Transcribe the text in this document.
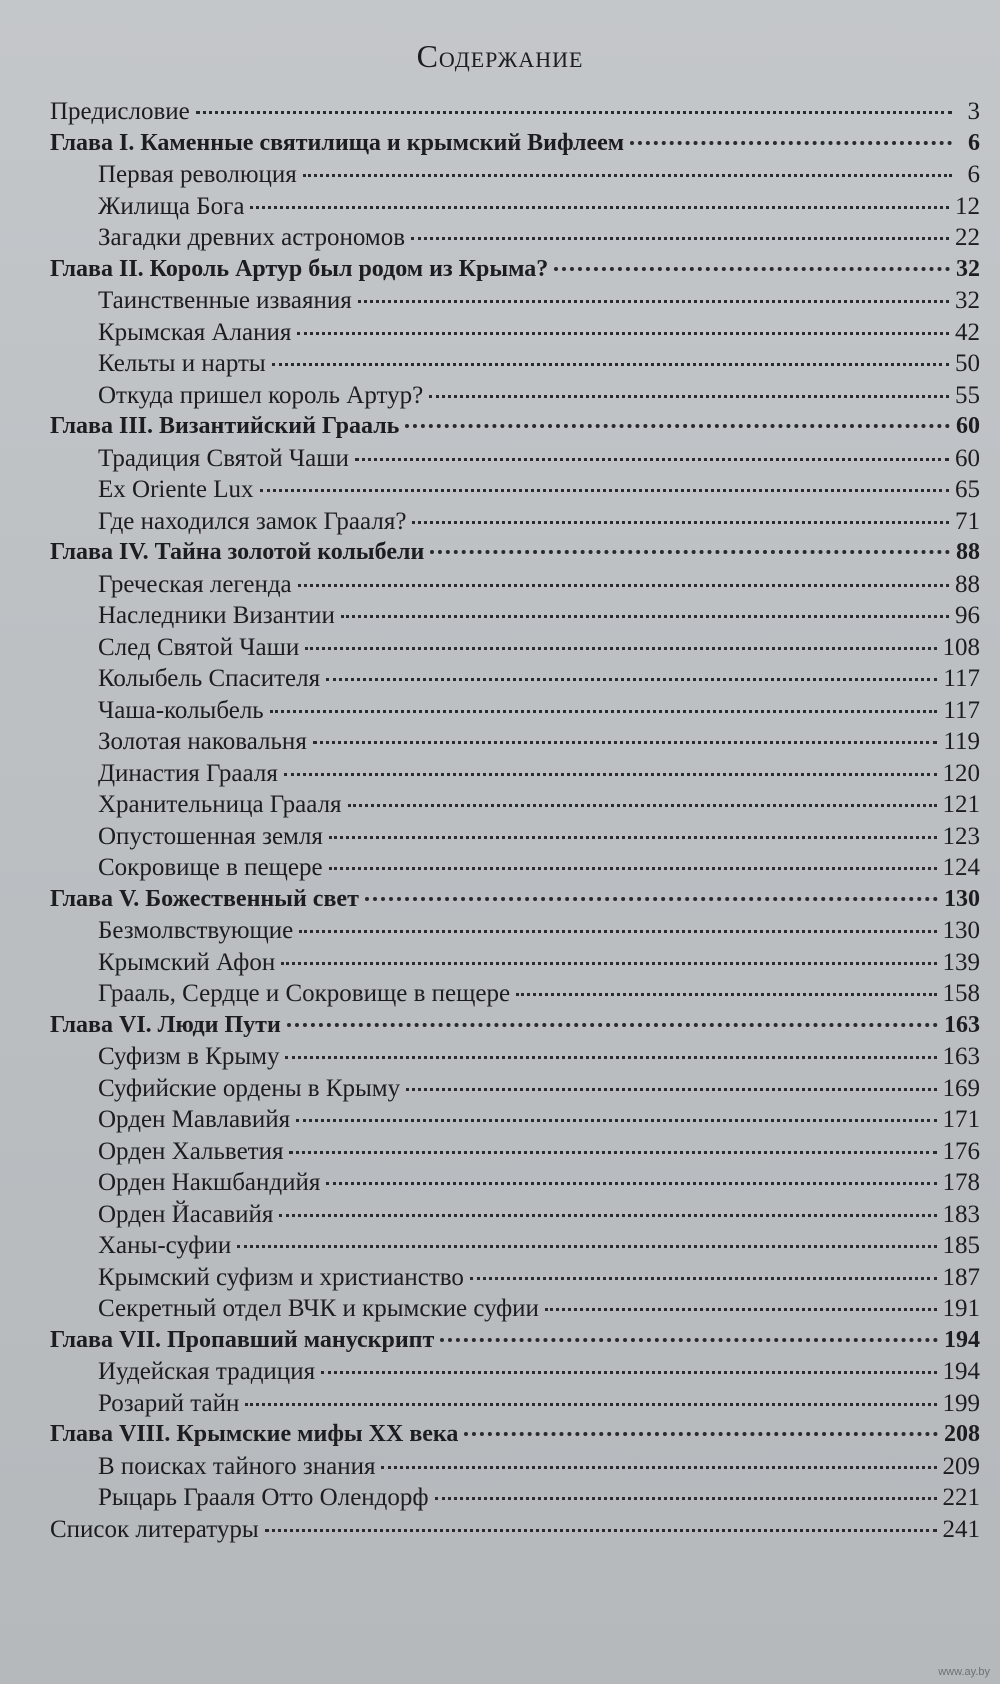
Содержание
Предисловие	3
Глава I. Каменные святилища и крымский Вифлеем	6
Первая революция	6
Жилища Бога	12
Загадки древних астрономов	22
Глава II. Король Артур был родом из Крыма?	32
Таинственные изваяния	32
Крымская Алания	42
Кельты и нарты	50
Откуда пришел король Артур?	55
Глава III. Византийский Грааль	60
Традиция Святой Чаши	60
Ex Oriente Lux	65
Где находился замок Грааля?	71
Глава IV. Тайна золотой колыбели	88
Греческая легенда	88
Наследники Византии	96
След Святой Чаши	108
Колыбель Спасителя	117
Чаша-колыбель	117
Золотая наковальня	119
Династия Грааля	120
Хранительница Грааля	121
Опустошенная земля	123
Сокровище в пещере	124
Глава V. Божественный свет	130
Безмолвствующие	130
Крымский Афон	139
Грааль, Сердце и Сокровище в пещере	158
Глава VI. Люди Пути	163
Суфизм в Крыму	163
Суфийские ордены в Крыму	169
Орден Мавлавийя	171
Орден Хальветия	176
Орден Накшбандийя	178
Орден Йасавийя	183
Ханы-суфии	185
Крымский суфизм и христианство	187
Секретный отдел ВЧК и крымские суфии	191
Глава VII. Пропавший манускрипт	194
Иудейская традиция	194
Розарий тайн	199
Глава VIII. Крымские мифы XX века	208
В поисках тайного знания	209
Рыцарь Грааля Отто Олендорф	221
Список литературы	241
www.ay.by
